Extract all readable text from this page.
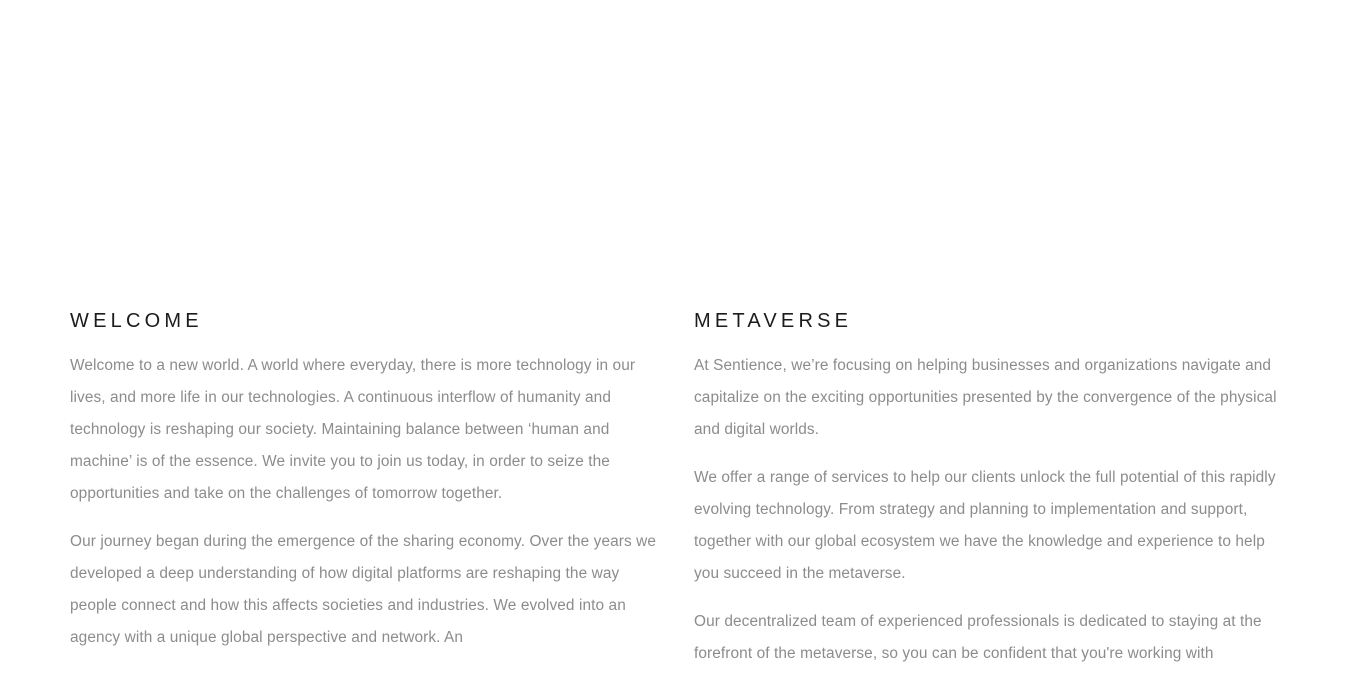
WELCOME

Welcome to a new world. A world where everyday, there is more technology in our lives, and more life in our technologies. A continuous interflow of humanity and technology is reshaping our society. Maintaining balance between ‘human and machine’ is of the essence. We invite you to join us today, in order to seize the opportunities and take on the challenges of tomorrow together.

Our journey began during the emergence of the sharing economy. Over the years we developed a deep understanding of how digital platforms are reshaping the way people connect and how this affects societies and industries. We evolved into an agency with a unique global perspective and network. An

METAVERSE

At Sentience, we’re focusing on helping businesses and organizations navigate and capitalize on the exciting opportunities presented by the convergence of the physical and digital worlds.

We offer a range of services to help our clients unlock the full potential of this rapidly evolving technology. From strategy and planning to implementation and support, together with our global ecosystem we have the knowledge and experience to help you succeed in the metaverse.

Our decentralized team of experienced professionals is dedicated to staying at the forefront of the metaverse, so you can be confident that you're working with
